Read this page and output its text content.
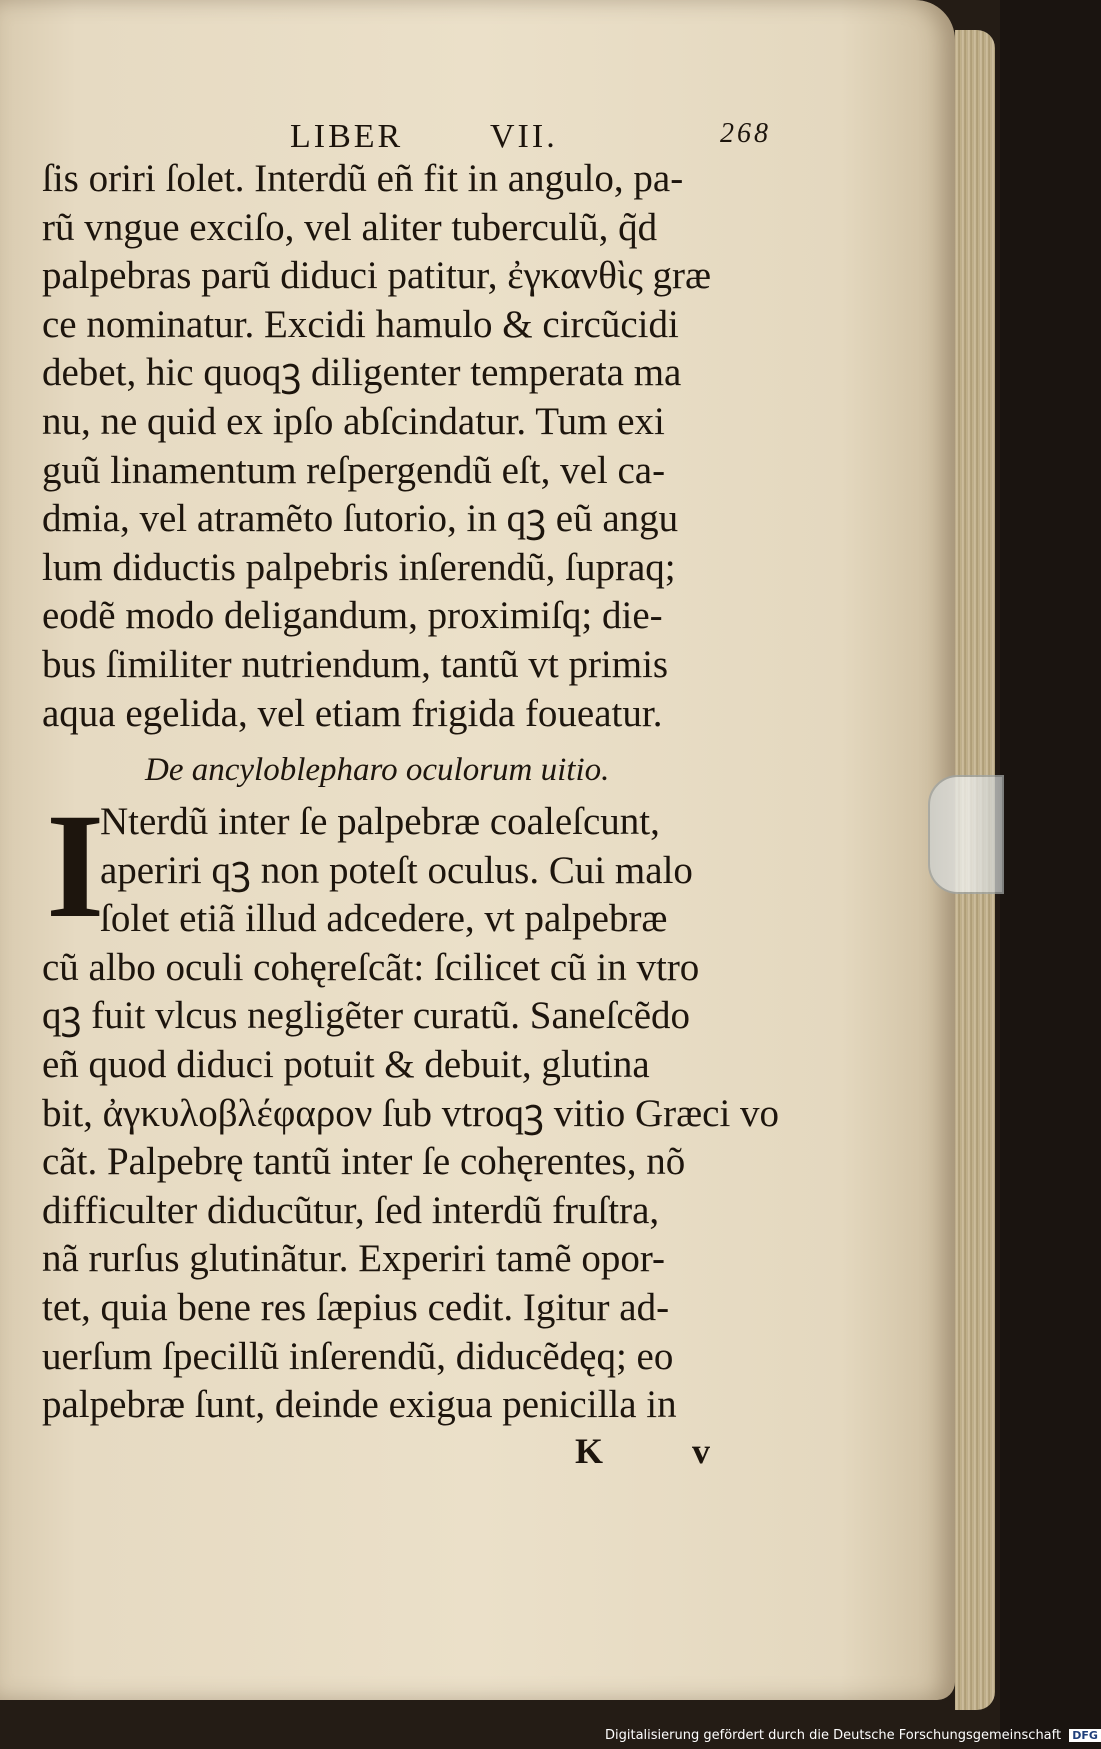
LIBER	VII.	268
ſis oriri ſolet. Interdũ eñ fit in angulo, pa-
rũ vngue exciſo, vel aliter tuberculũ, q̃d
palpebras parũ diduci patitur, ἐγκανθὶς græ
ce nominatur. Excidi hamulo & circũcidi
debet, hic quoqꝫ diligenter temperata ma
nu, ne quid ex ipſo abſcindatur. Tum exi
guũ linamentum reſpergendũ eſt, vel ca-
dmia, vel atramẽto ſutorio, in qꝫ eũ angu
lum diductis palpebris inſerendũ, ſupraq;
eodẽ modo deligandum, proximiſq; die-
bus ſimiliter nutriendum, tantũ vt primis
aqua egelida, vel etiam frigida foueatur.
De ancyloblepharo oculorum uitio.
I
Nterdũ inter ſe palpebræ coaleſcunt,
aperiri qꝫ non poteſt oculus. Cui malo
ſolet etiã illud adcedere, vt palpebræ
cũ albo oculi cohęreſcãt: ſcilicet cũ in vtro
qꝫ fuit vlcus negligẽter curatũ. Saneſcẽdo
eñ quod diduci potuit & debuit, glutina
bit, ἀγκυλοβλέφαρον ſub vtroqꝫ vitio Græci vo
cãt. Palpebrę tantũ inter ſe cohęrentes, nõ
difficulter diducũtur, ſed interdũ fruſtra,
nã rurſus glutinãtur. Experiri tamẽ opor-
tet, quia bene res ſæpius cedit. Igitur ad-
uerſum ſpecillũ inſerendũ, diducẽdęq; eo
palpebræ ſunt, deinde exigua penicilla in
K v
Digitalisierung gefördert durch die Deutsche Forschungsgemeinschaft DFG
